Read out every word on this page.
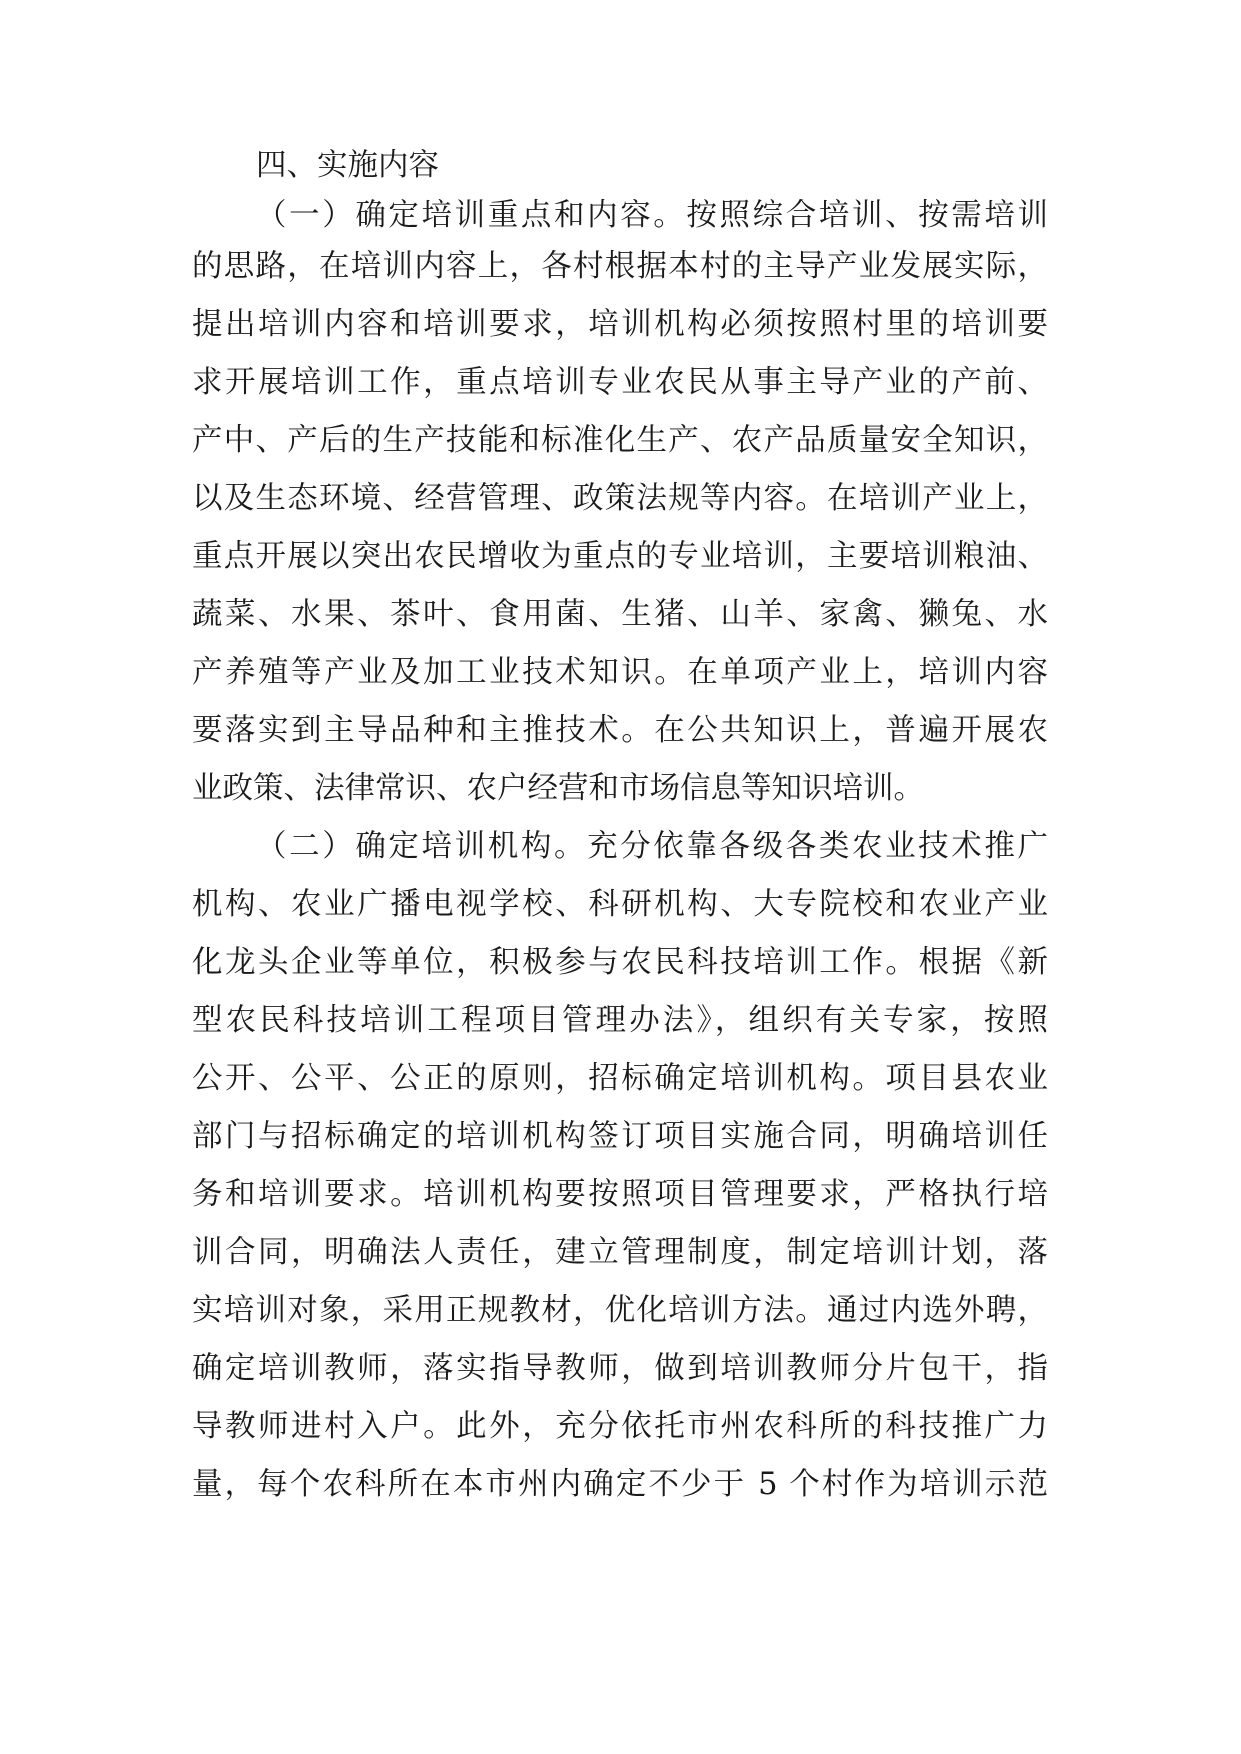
四、实施内容
（一）确定培训重点和内容。按照综合培训、按需培训
的思路，在培训内容上，各村根据本村的主导产业发展实际，
提出培训内容和培训要求，培训机构必须按照村里的培训要
求开展培训工作，重点培训专业农民从事主导产业的产前、
产中、产后的生产技能和标准化生产、农产品质量安全知识，
以及生态环境、经营管理、政策法规等内容。在培训产业上，
重点开展以突出农民增收为重点的专业培训，主要培训粮油、
蔬菜、水果、茶叶、食用菌、生猪、山羊、家禽、獭兔、水
产养殖等产业及加工业技术知识。在单项产业上，培训内容
要落实到主导品种和主推技术。在公共知识上，普遍开展农
业政策、法律常识、农户经营和市场信息等知识培训。
（二）确定培训机构。充分依靠各级各类农业技术推广
机构、农业广播电视学校、科研机构、大专院校和农业产业
化龙头企业等单位，积极参与农民科技培训工作。根据《新
型农民科技培训工程项目管理办法》，组织有关专家，按照
公开、公平、公正的原则，招标确定培训机构。项目县农业
部门与招标确定的培训机构签订项目实施合同，明确培训任
务和培训要求。培训机构要按照项目管理要求，严格执行培
训合同，明确法人责任，建立管理制度，制定培训计划，落
实培训对象，采用正规教材，优化培训方法。通过内选外聘，
确定培训教师，落实指导教师，做到培训教师分片包干，指
导教师进村入户。此外，充分依托市州农科所的科技推广力
量，每个农科所在本市州内确定不少于 5 个村作为培训示范
